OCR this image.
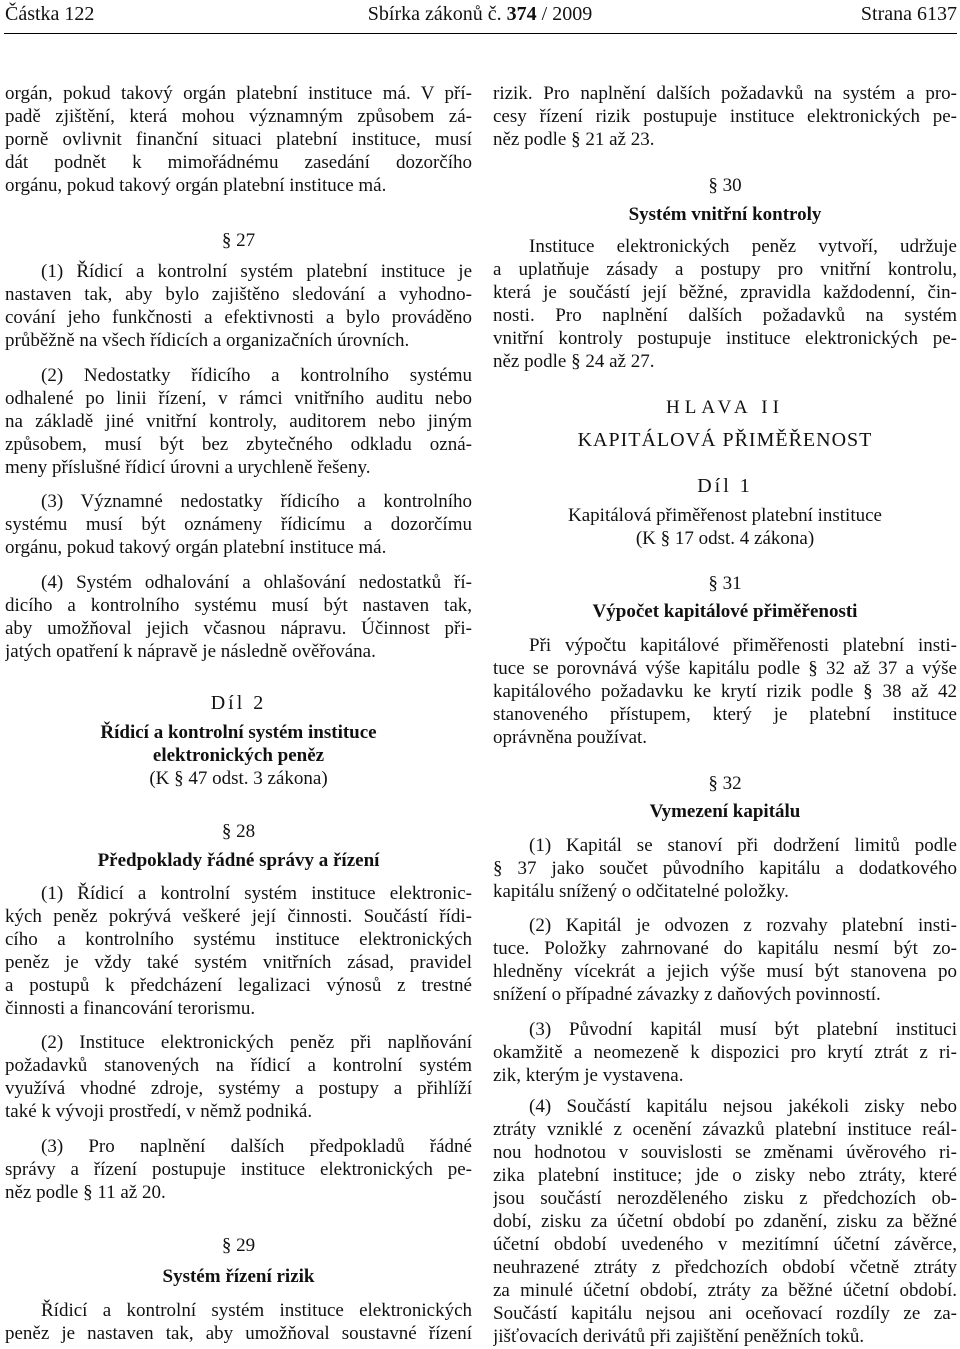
Částka 122	Sbírka zákonů č. 374 / 2009	Strana 6137
orgán, pokud takový orgán platební instituce má. V pří-
padě zjištění, která mohou významným způsobem zá-
porně ovlivnit finanční situaci platební instituce, musí
dát podnět k mimořádnému zasedání dozorčího
orgánu, pokud takový orgán platební instituce má.
§ 27
(1) Řídicí a kontrolní systém platební instituce je
nastaven tak, aby bylo zajištěno sledování a vyhodno-
cování jeho funkčnosti a efektivnosti a bylo prováděno
průběžně na všech řídicích a organizačních úrovních.
(2) Nedostatky řídicího a kontrolního systému
odhalené po linii řízení, v rámci vnitřního auditu nebo
na základě jiné vnitřní kontroly, auditorem nebo jiným
způsobem, musí být bez zbytečného odkladu ozná-
meny příslušné řídicí úrovni a urychleně řešeny.
(3) Významné nedostatky řídicího a kontrolního
systému musí být oznámeny řídicímu a dozorčímu
orgánu, pokud takový orgán platební instituce má.
(4) Systém odhalování a ohlašování nedostatků ří-
dicího a kontrolního systému musí být nastaven tak,
aby umožňoval jejich včasnou nápravu. Účinnost při-
jatých opatření k nápravě je následně ověřována.
Díl 2
Řídicí a kontrolní systém instituce
elektronických peněz
(K § 47 odst. 3 zákona)
§ 28
Předpoklady řádné správy a řízení
(1) Řídicí a kontrolní systém instituce elektronic-
kých peněz pokrývá veškeré její činnosti. Součástí řídi-
cího a kontrolního systému instituce elektronických
peněz je vždy také systém vnitřních zásad, pravidel
a postupů k předcházení legalizaci výnosů z trestné
činnosti a financování terorismu.
(2) Instituce elektronických peněz při naplňování
požadavků stanovených na řídicí a kontrolní systém
využívá vhodné zdroje, systémy a postupy a přihlíží
také k vývoji prostředí, v němž podniká.
(3) Pro naplnění dalších předpokladů řádné
správy a řízení postupuje instituce elektronických pe-
něz podle § 11 až 20.
§ 29
Systém řízení rizik
Řídicí a kontrolní systém instituce elektronických
peněz je nastaven tak, aby umožňoval soustavné řízení
rizik. Pro naplnění dalších požadavků na systém a pro-
cesy řízení rizik postupuje instituce elektronických pe-
něz podle § 21 až 23.
§ 30
Systém vnitřní kontroly
Instituce elektronických peněz vytvoří, udržuje
a uplatňuje zásady a postupy pro vnitřní kontrolu,
která je součástí její běžné, zpravidla každodenní, čin-
nosti. Pro naplnění dalších požadavků na systém
vnitřní kontroly postupuje instituce elektronických pe-
něz podle § 24 až 27.
HLAVA II
KAPITÁLOVÁ PŘIMĚŘENOST
Díl 1
Kapitálová přiměřenost platební instituce
(K § 17 odst. 4 zákona)
§ 31
Výpočet kapitálové přiměřenosti
Při výpočtu kapitálové přiměřenosti platební insti-
tuce se porovnává výše kapitálu podle § 32 až 37 a výše
kapitálového požadavku ke krytí rizik podle § 38 až 42
stanoveného přístupem, který je platební instituce
oprávněna používat.
§ 32
Vymezení kapitálu
(1) Kapitál se stanoví při dodržení limitů podle
§ 37 jako součet původního kapitálu a dodatkového
kapitálu snížený o odčitatelné položky.
(2) Kapitál je odvozen z rozvahy platební insti-
tuce. Položky zahrnované do kapitálu nesmí být zo-
hledněny vícekrát a jejich výše musí být stanovena po
snížení o případné závazky z daňových povinností.
(3) Původní kapitál musí být platební instituci
okamžitě a neomezeně k dispozici pro krytí ztrát z ri-
zik, kterým je vystavena.
(4) Součástí kapitálu nejsou jakékoli zisky nebo
ztráty vzniklé z ocenění závazků platební instituce reál-
nou hodnotou v souvislosti se změnami úvěrového ri-
zika platební instituce; jde o zisky nebo ztráty, které
jsou součástí nerozděleného zisku z předchozích ob-
dobí, zisku za účetní období po zdanění, zisku za běžné
účetní období uvedeného v mezitímní účetní závěrce,
neuhrazené ztráty z předchozích období včetně ztráty
za minulé účetní období, ztráty za běžné účetní období.
Součástí kapitálu nejsou ani oceňovací rozdíly ze za-
jišťovacích derivátů při zajištění peněžních toků.
